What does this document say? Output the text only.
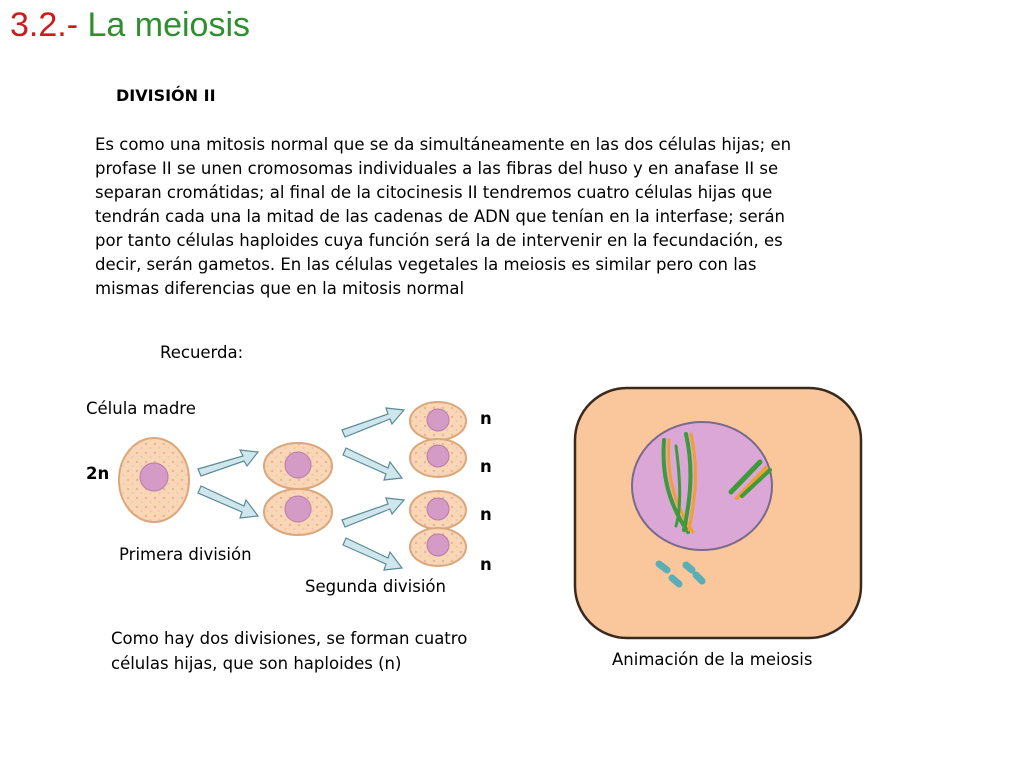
3.2.- La meiosis
DIVISIÓN II
Es como una mitosis normal que se da simultáneamente en las dos células hijas; en
profase II se unen cromosomas individuales a las fibras del huso y en anafase II se
separan cromátidas; al final de la citocinesis II tendremos cuatro células hijas que
tendrán cada una la mitad de las cadenas de ADN que tenían en la interfase; serán
por tanto células haploides cuya función será la de intervenir en la fecundación, es
decir, serán gametos. En las células vegetales la meiosis es similar pero con las
mismas diferencias que en la mitosis normal
Recuerda:
Célula madre
2n
Primera división
Segunda división
n
n
n
n
Como hay dos divisiones, se forman cuatro
células hijas, que son haploides (n)	Animación de la meiosis
